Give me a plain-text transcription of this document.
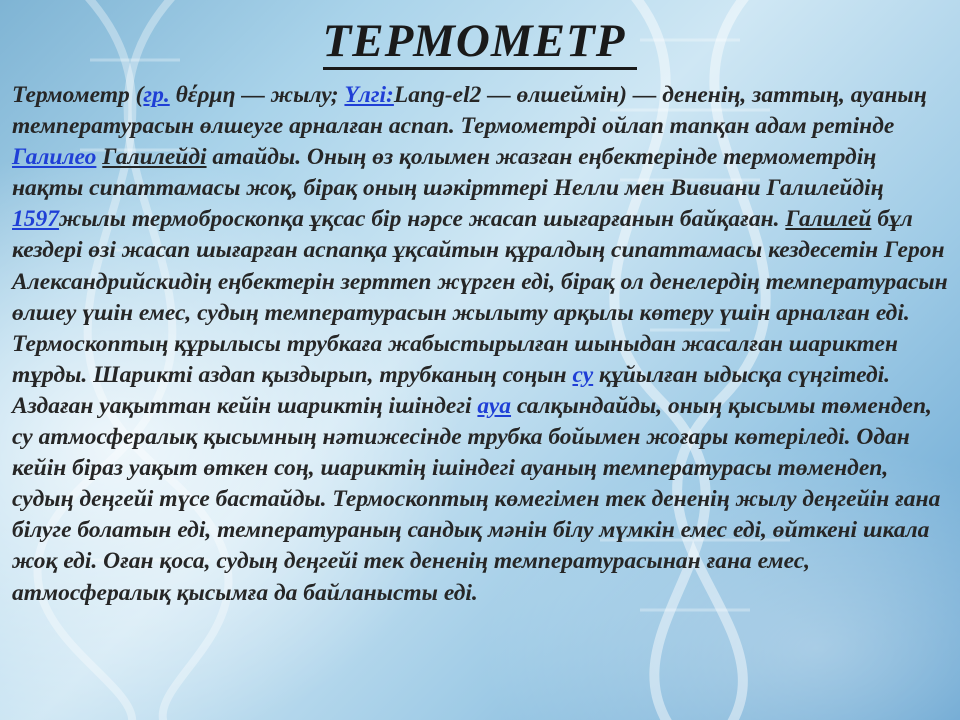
ТЕРМОМЕТР

Термометр (гр. θέρμη — жылу; Үлгі:Lang-el2 — өлшеймін) — дененің, заттың, ауаның температурасын өлшеуге арналған аспап. Термометрді ойлап тапқан адам ретінде Галилео Галилейді атайды. Оның өз қолымен жазған еңбектерінде термометрдің нақты сипаттамасы жоқ, бірақ оның шәкірттері Нелли мен Вивиани Галилейдің 1597жылы термоброскопқа ұқсас бір нәрсе жасап шығарғанын байқаған. Галилей бұл кездері өзі жасап шығарған аспапқа ұқсайтын құралдың сипаттамасы кездесетін Герон Александрийскидің еңбектерін зерттеп жүрген еді, бірақ ол денелердің температурасын өлшеу үшін емес, судың температурасын жылыту арқылы көтеру үшін арналған еді. Термоскоптың құрылысы трубкаға жабыстырылған шыныдан жасалған шариктен тұрды. Шарикті аздап қыздырып, трубканың соңын су құйылған ыдысқа сүңгітеді. Аздаған уақыттан кейін шариктің ішіндегі ауа салқындайды, оның қысымы төмендеп, су атмосфералық қысымның нәтижесінде трубка бойымен жоғары көтеріледі. Одан кейін біраз уақыт өткен соң, шариктің ішіндегі ауаның температурасы төмендеп, судың деңгейі түсе бастайды. Термоскоптың көмегімен тек дененің жылу деңгейін ғана білуге болатын еді, температураның сандық мәнін білу мүмкін емес еді, өйткені шкала жоқ еді. Оған қоса, судың деңгейі тек дененің температурасынан ғана емес, атмосфералық қысымға да байланысты еді.
